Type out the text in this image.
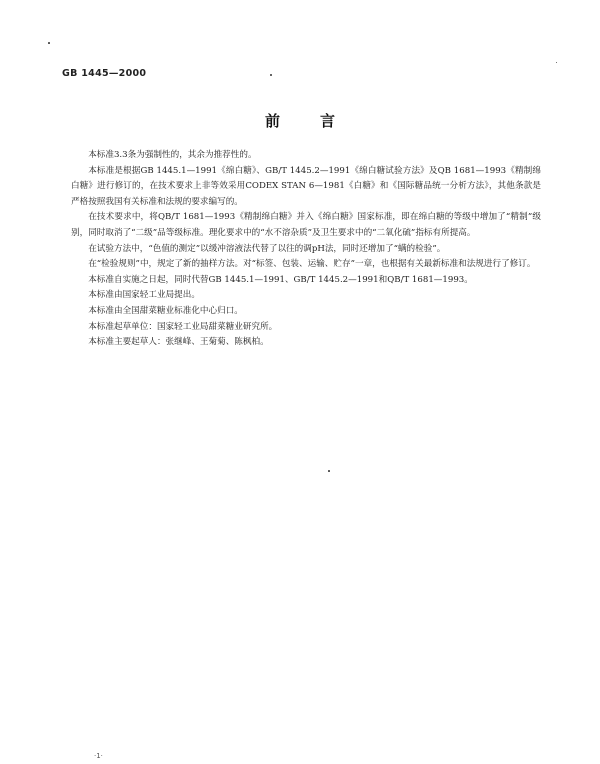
GB 1445—2000
前言

本标准3.3条为强制性的，其余为推荐性的。

本标准是根据GB 1445.1—1991《绵白糖》、GB/T 1445.2—1991《绵白糖试验方法》及QB 1681—1993《精制绵白糖》进行修订的，在技术要求上非等效采用CODEX STAN 6—1981《白糖》和《国际糖品统一分析方法》，其他条款是严格按照我国有关标准和法规的要求编写的。

在技术要求中，将QB/T 1681—1993《精制绵白糖》并入《绵白糖》国家标准，即在绵白糖的等级中增加了“精制”级别，同时取消了“二级”品等级标准。理化要求中的“水不溶杂质”及卫生要求中的“二氧化硫”指标有所提高。

在试验方法中，“色值的测定”以缓冲溶液法代替了以往的调pH法，同时还增加了“螨的检验”。

在“检验规则”中，规定了新的抽样方法。对“标签、包装、运输、贮存”一章，也根据有关最新标准和法规进行了修订。

本标准自实施之日起，同时代替GB 1445.1—1991、GB/T 1445.2—1991和QB/T 1681—1993。

本标准由国家轻工业局提出。

本标准由全国甜菜糖业标准化中心归口。

本标准起草单位：国家轻工业局甜菜糖业研究所。

本标准主要起草人：张继峰、王菊菊、陈枫柏。

·1·
